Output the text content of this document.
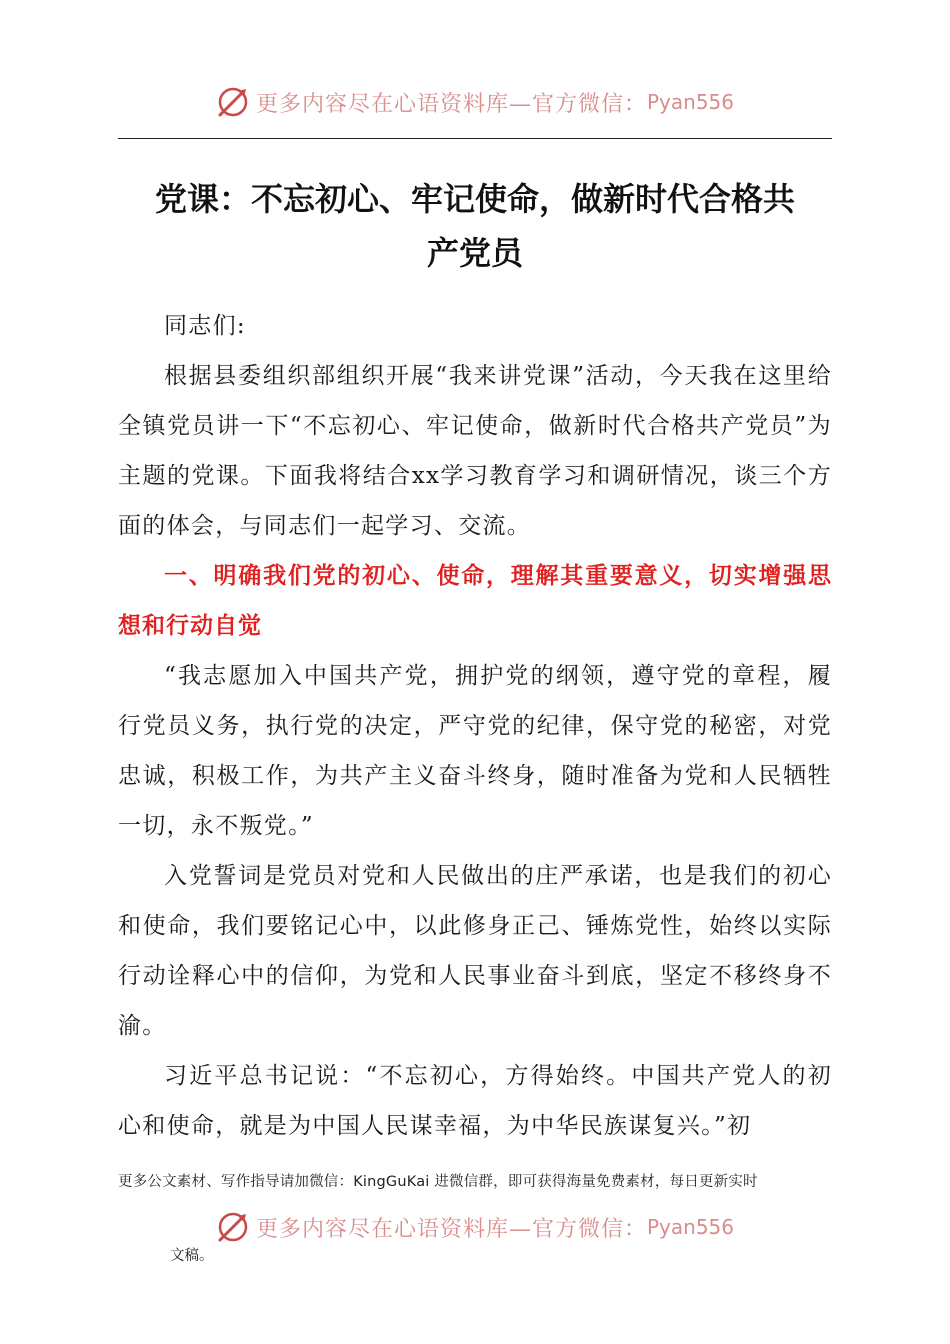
更多内容尽在心语资料库—官方微信： Pyan556
党课：不忘初心、牢记使命，做新时代合格共
产党员

同志们:

根据县委组织部组织开展“我来讲党课”活动，今天我在这里给全镇党员讲一下“不忘初心、牢记使命，做新时代合格共产党员”为主题的党课。下面我将结合xx学习教育学习和调研情况，谈三个方面的体会，与同志们一起学习、交流。

一、明确我们党的初心、使命，理解其重要意义，切实增强思想和行动自觉

“我志愿加入中国共产党，拥护党的纲领，遵守党的章程，履行党员义务，执行党的决定，严守党的纪律，保守党的秘密，对党忠诚，积极工作，为共产主义奋斗终身，随时准备为党和人民牺牲一切，永不叛党。”

入党誓词是党员对党和人民做出的庄严承诺，也是我们的初心和使命，我们要铭记心中，以此修身正己、锤炼党性，始终以实际行动诠释心中的信仰，为党和人民事业奋斗到底，坚定不移终身不渝。

习近平总书记说：“不忘初心，方得始终。中国共产党人的初心和使命，就是为中国人民谋幸福，为中华民族谋复兴。”初

更多公文素材、写作指导请加微信：KingGuKai 进微信群，即可获得海量免费素材，每日更新实时
更多内容尽在心语资料库—官方微信： Pyan556
文稿。
